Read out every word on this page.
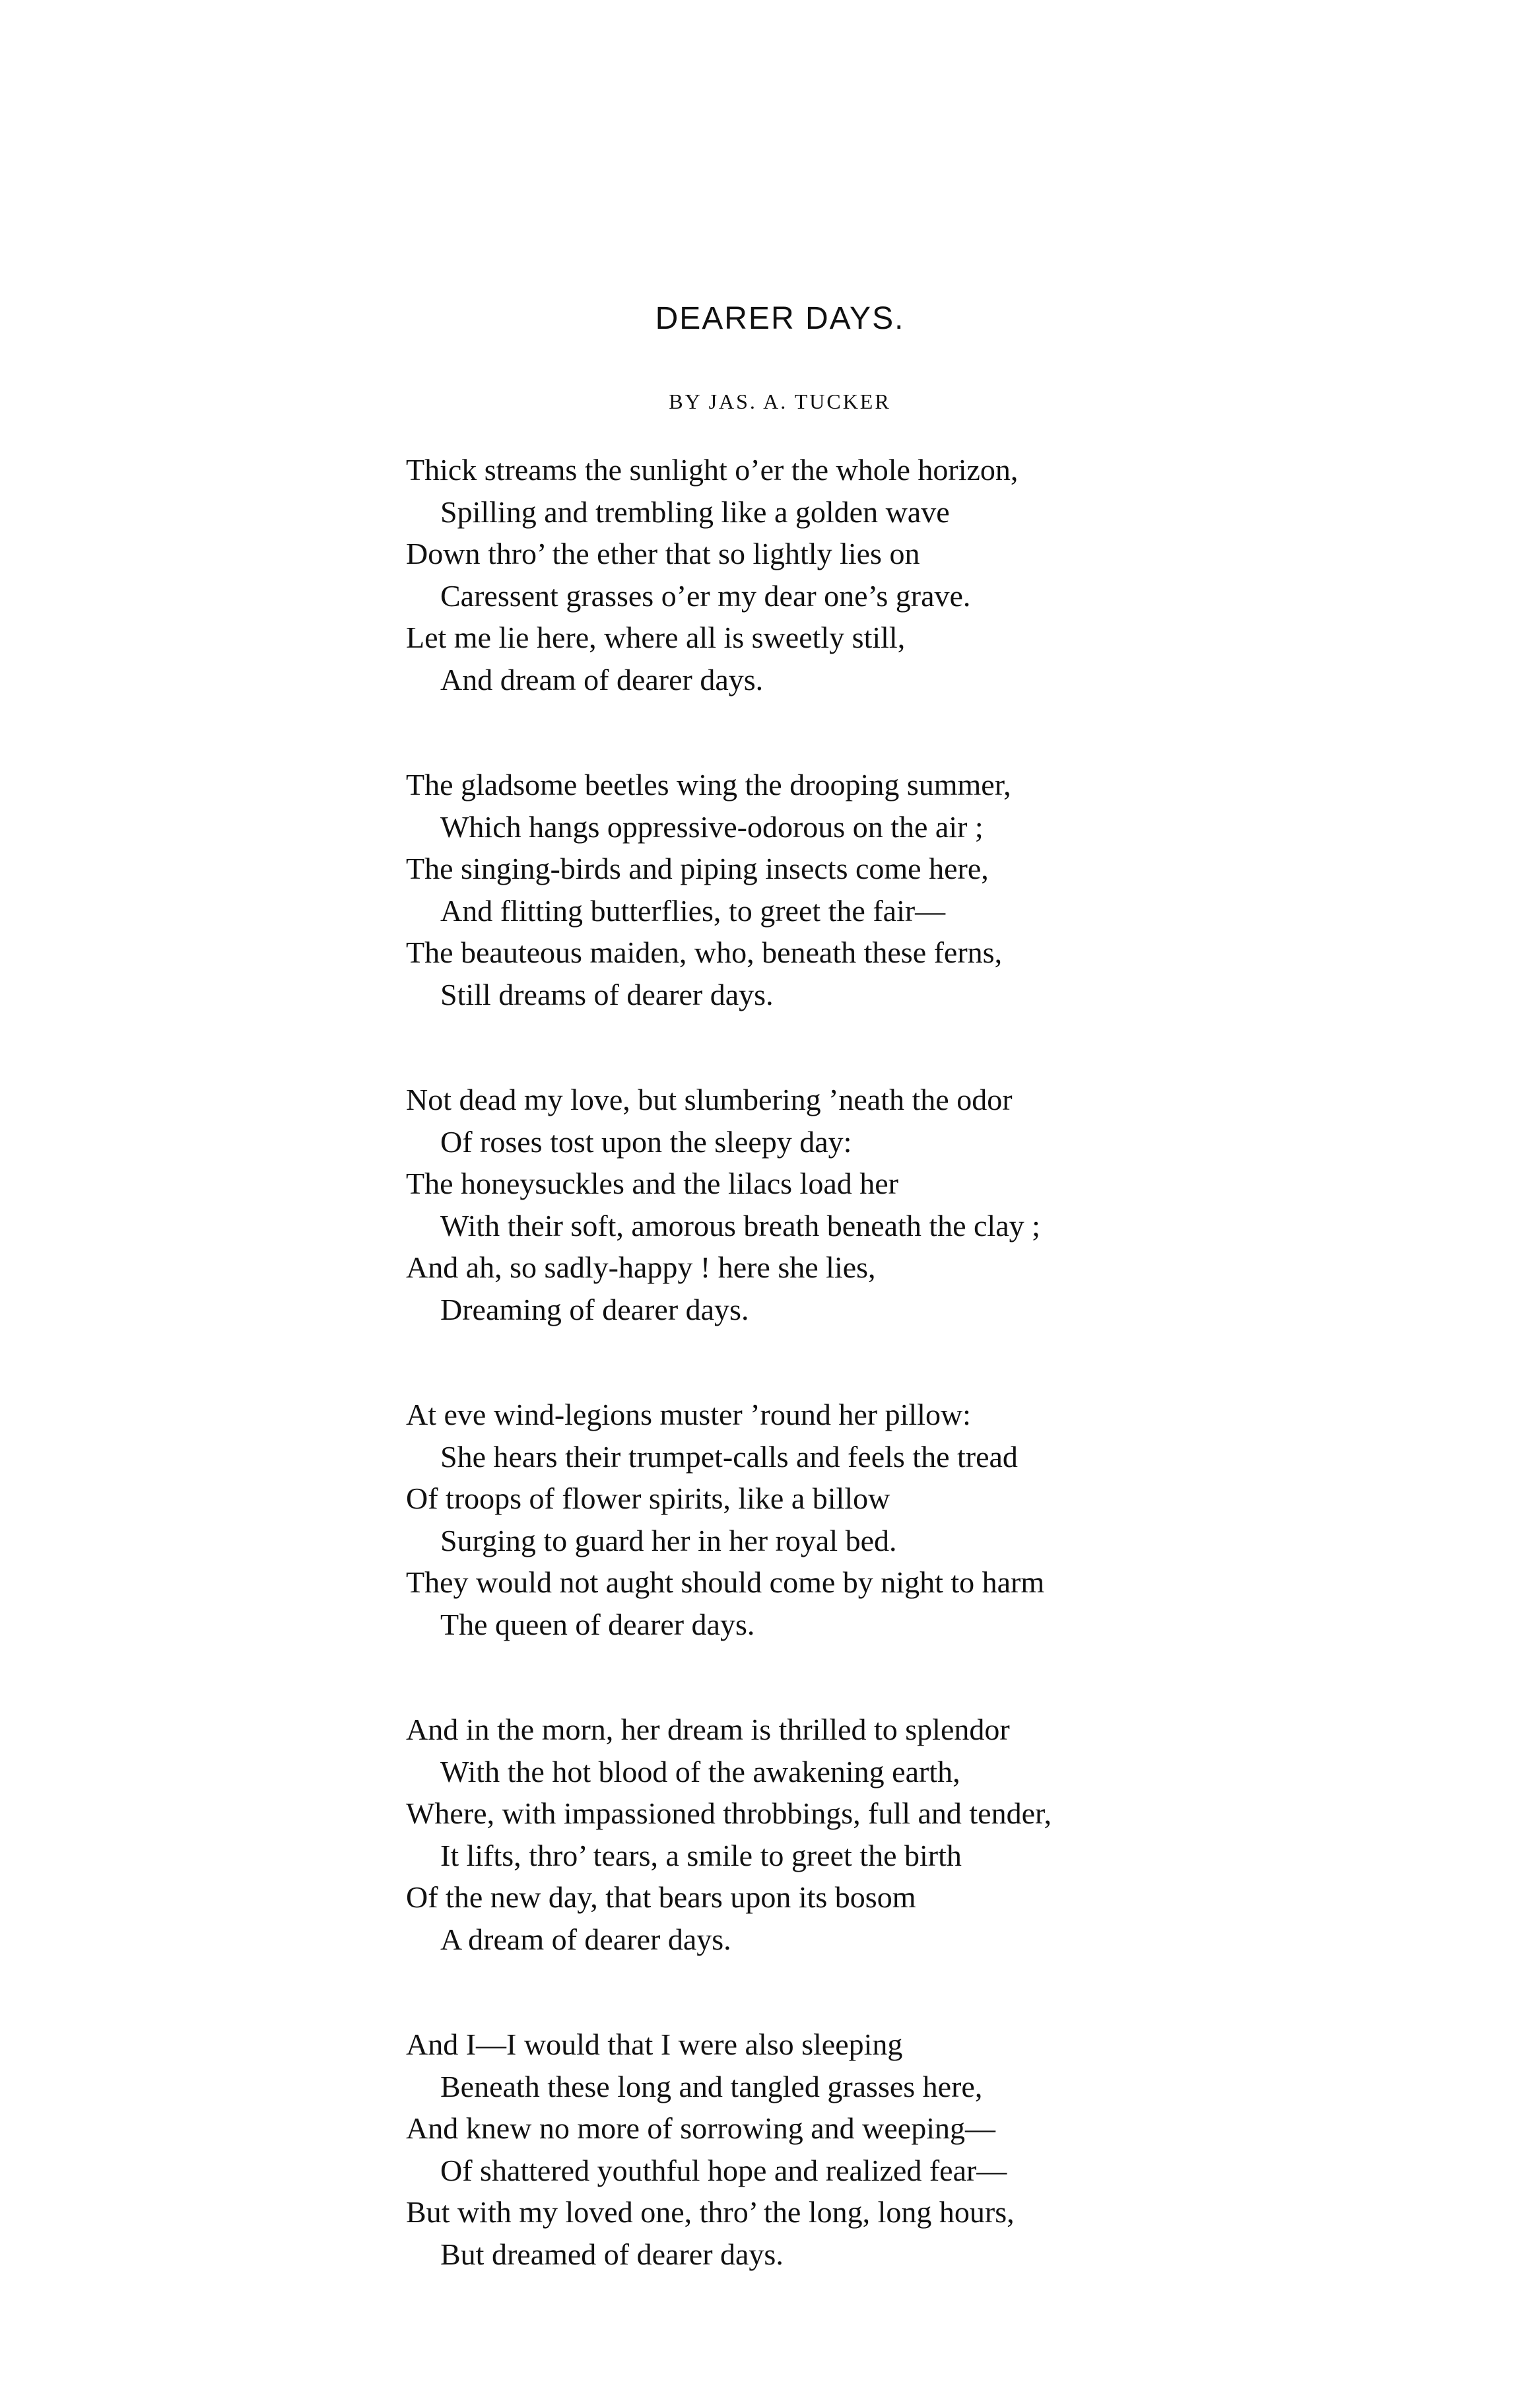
DEARER DAYS.
BY JAS. A. TUCKER
Thick streams the sunlight o’er the whole horizon,
Spilling and trembling like a golden wave
Down thro’ the ether that so lightly lies on
Caressent grasses o’er my dear one’s grave.
Let me lie here, where all is sweetly still,
And dream of dearer days.
The gladsome beetles wing the drooping summer,
Which hangs oppressive-odorous on the air ;
The singing-birds and piping insects come here,
And flitting butterflies, to greet the fair—
The beauteous maiden, who, beneath these ferns,
Still dreams of dearer days.
Not dead my love, but slumbering ’neath the odor
Of roses tost upon the sleepy day:
The honeysuckles and the lilacs load her
With their soft, amorous breath beneath the clay ;
And ah, so sadly-happy ! here she lies,
Dreaming of dearer days.
At eve wind-legions muster ’round her pillow:
She hears their trumpet-calls and feels the tread
Of troops of flower spirits, like a billow
Surging to guard her in her royal bed.
They would not aught should come by night to harm
The queen of dearer days.
And in the morn, her dream is thrilled to splendor
With the hot blood of the awakening earth,
Where, with impassioned throbbings, full and tender,
It lifts, thro’ tears, a smile to greet the birth
Of the new day, that bears upon its bosom
A dream of dearer days.
And I—I would that I were also sleeping
Beneath these long and tangled grasses here,
And knew no more of sorrowing and weeping—
Of shattered youthful hope and realized fear—
But with my loved one, thro’ the long, long hours,
But dreamed of dearer days.
